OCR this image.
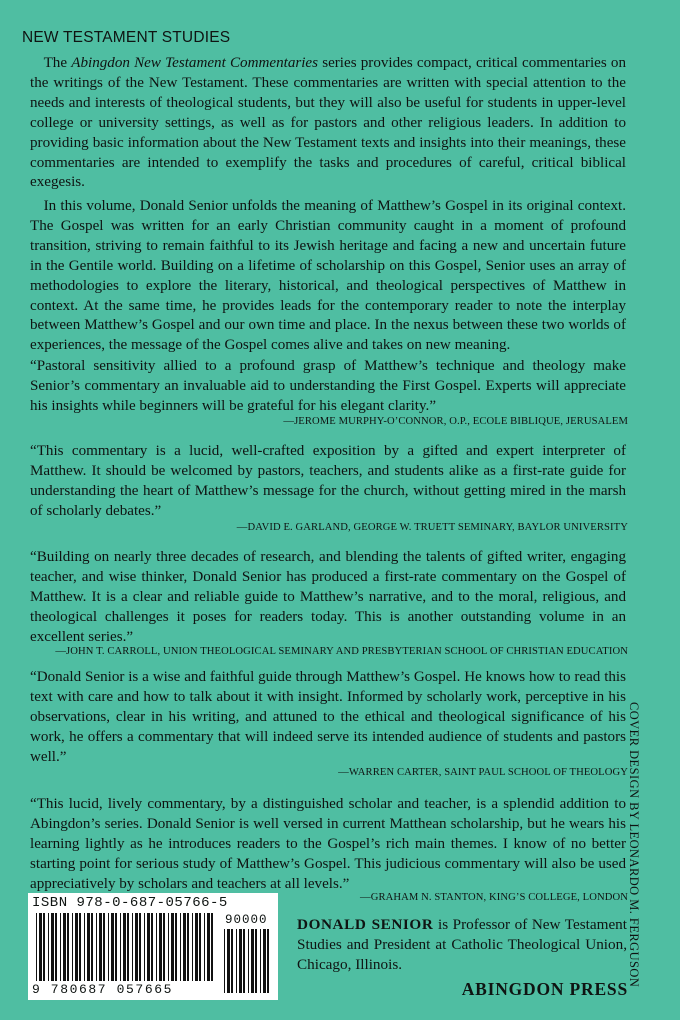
NEW TESTAMENT STUDIES

The Abingdon New Testament Commentaries series provides compact, critical commentaries on the writings of the New Testament. These commentaries are written with special attention to the needs and interests of theological students, but they will also be useful for students in upper-level college or university settings, as well as for pastors and other religious leaders. In addition to providing basic information about the New Testament texts and insights into their meanings, these commentaries are intended to exemplify the tasks and procedures of careful, critical biblical exegesis.

In this volume, Donald Senior unfolds the meaning of Matthew’s Gospel in its original context. The Gospel was written for an early Christian community caught in a moment of profound transition, striving to remain faithful to its Jewish heritage and facing a new and uncertain future in the Gentile world. Building on a lifetime of scholarship on this Gospel, Senior uses an array of methodologies to explore the literary, historical, and theological perspectives of Matthew in context. At the same time, he provides leads for the contemporary reader to note the interplay between Matthew’s Gospel and our own time and place. In the nexus between these two worlds of experiences, the message of the Gospel comes alive and takes on new meaning.

“Pastoral sensitivity allied to a profound grasp of Matthew’s technique and theology make Senior’s commentary an invaluable aid to understanding the First Gospel. Experts will appreciate his insights while beginners will be grateful for his elegant clarity.”

—JEROME MURPHY-O’CONNOR, O.P., ECOLE BIBLIQUE, JERUSALEM

“This commentary is a lucid, well-crafted exposition by a gifted and expert interpreter of Matthew. It should be welcomed by pastors, teachers, and students alike as a first-rate guide for understanding the heart of Matthew’s message for the church, without getting mired in the marsh of scholarly debates.”

—DAVID E. GARLAND, GEORGE W. TRUETT SEMINARY, BAYLOR UNIVERSITY

“Building on nearly three decades of research, and blending the talents of gifted writer, engaging teacher, and wise thinker, Donald Senior has produced a first-rate commentary on the Gospel of Matthew. It is a clear and reliable guide to Matthew’s narrative, and to the moral, religious, and theological challenges it poses for readers today. This is another outstanding volume in an excellent series.”

—JOHN T. CARROLL, UNION THEOLOGICAL SEMINARY AND PRESBYTERIAN SCHOOL OF CHRISTIAN EDUCATION

“Donald Senior is a wise and faithful guide through Matthew’s Gospel. He knows how to read this text with care and how to talk about it with insight. Informed by scholarly work, perceptive in his observations, clear in his writing, and attuned to the ethical and theological significance of his work, he offers a commentary that will indeed serve its intended audience of students and pastors well.”

—WARREN CARTER, SAINT PAUL SCHOOL OF THEOLOGY

“This lucid, lively commentary, by a distinguished scholar and teacher, is a splendid addition to Abingdon’s series. Donald Senior is well versed in current Matthean scholarship, but he wears his learning lightly as he introduces readers to the Gospel’s rich main themes. I know of no better starting point for serious study of Matthew’s Gospel. This judicious commentary will also be used appreciatively by scholars and teachers at all levels.”

—GRAHAM N. STANTON, KING’S COLLEGE, LONDON COVER DESIGN BY LEONARDO M. FERGUSON
ISBN 978-0-687-05766-5
90000
9 780687 057665

DONALD SENIOR is Professor of New Testament Studies and President at Catholic Theological Union, Chicago, Illinois.

ABINGDON PRESS
